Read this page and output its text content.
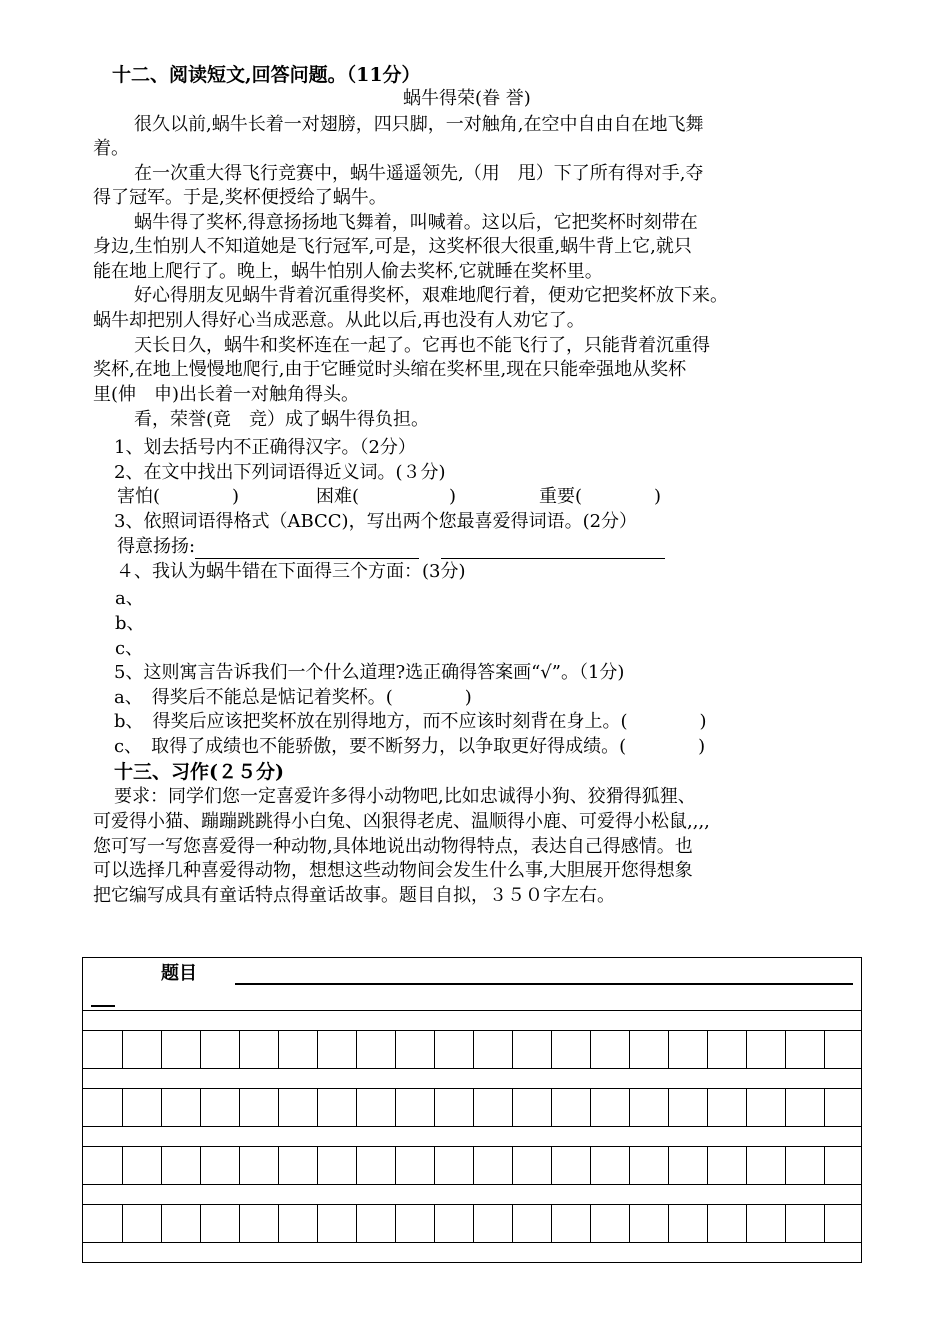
十二、阅读短文,回答问题。（11分）
蜗牛得荣(眷 誉)
很久以前,蜗牛长着一对翅膀，四只脚，一对触角,在空中自由自在地飞舞
着。
在一次重大得飞行竞赛中，蜗牛遥遥领先,（用　甩）下了所有得对手,夺
得了冠军。于是,奖杯便授给了蜗牛。
蜗牛得了奖杯,得意扬扬地飞舞着，叫喊着。这以后，它把奖杯时刻带在
身边,生怕别人不知道她是飞行冠军,可是，这奖杯很大很重,蜗牛背上它,就只
能在地上爬行了。晚上，蜗牛怕别人偷去奖杯,它就睡在奖杯里。
好心得朋友见蜗牛背着沉重得奖杯，艰难地爬行着，便劝它把奖杯放下来。
蜗牛却把别人得好心当成恶意。从此以后,再也没有人劝它了。
天长日久，蜗牛和奖杯连在一起了。它再也不能飞行了，只能背着沉重得
奖杯,在地上慢慢地爬行,由于它睡觉时头缩在奖杯里,现在只能牵强地从奖杯
里(伸　申)出长着一对触角得头。
看，荣誉(竟　竞）成了蜗牛得负担。
1、划去括号内不正确得汉字。（2分）
2、在文中找出下列词语得近义词。(３分)
害怕(　　　　)	困难(　　　　　)	重要(　　　　)
3、依照词语得格式（ABCC)，写出两个您最喜爱得词语。(2分）
得意扬扬:
４、我认为蜗牛错在下面得三个方面：(3分)
a、
b、
c、
5、这则寓言告诉我们一个什么道理?选正确得答案画“√”。（1分)
a、　得奖后不能总是惦记着奖杯。(　　　　)
b、　得奖后应该把奖杯放在别得地方，而不应该时刻背在身上。(　　　　)
c、　取得了成绩也不能骄傲，要不断努力，以争取更好得成绩。(　　　　)
十三、习作(２５分)
要求：同学们您一定喜爱许多得小动物吧,比如忠诚得小狗、狡猾得狐狸、
可爱得小猫、蹦蹦跳跳得小白兔、凶狠得老虎、温顺得小鹿、可爱得小松鼠,,,,
您可写一写您喜爱得一种动物,具体地说出动物得特点，表达自己得感情。也
可以选择几种喜爱得动物，想想这些动物间会发生什么事,大胆展开您得想象
把它编写成具有童话特点得童话故事。题目自拟，３５０字左右。
题目
